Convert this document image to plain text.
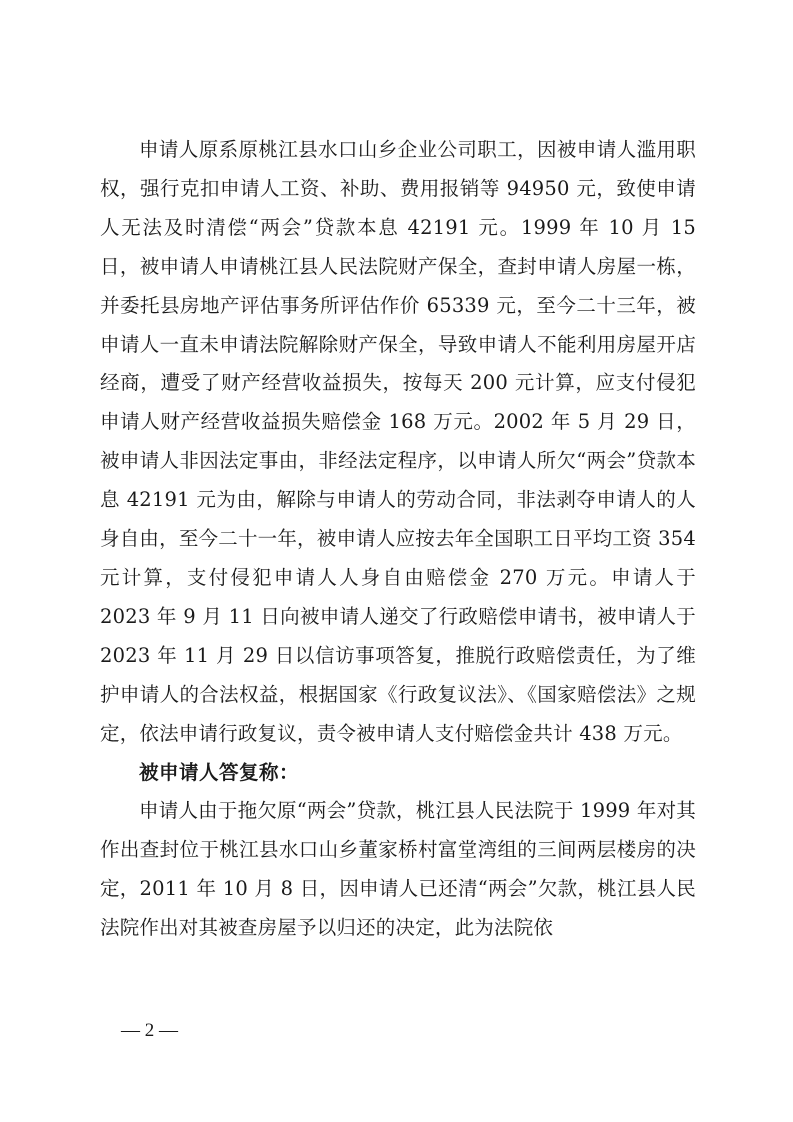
申请人原系原桃江县水口山乡企业公司职工，因被申请人滥用职权，强行克扣申请人工资、补助、费用报销等 94950 元，致使申请人无法及时清偿“两会”贷款本息 42191 元。1999 年 10 月 15 日，被申请人申请桃江县人民法院财产保全，查封申请人房屋一栋，并委托县房地产评估事务所评估作价 65339 元，至今二十三年，被申请人一直未申请法院解除财产保全，导致申请人不能利用房屋开店经商，遭受了财产经营收益损失，按每天 200 元计算，应支付侵犯申请人财产经营收益损失赔偿金 168 万元。2002 年 5 月 29 日，被申请人非因法定事由，非经法定程序，以申请人所欠“两会”贷款本息 42191 元为由，解除与申请人的劳动合同，非法剥夺申请人的人身自由，至今二十一年，被申请人应按去年全国职工日平均工资 354 元计算，支付侵犯申请人人身自由赔偿金 270 万元。申请人于 2023 年 9 月 11 日向被申请人递交了行政赔偿申请书，被申请人于 2023 年 11 月 29 日以信访事项答复，推脱行政赔偿责任，为了维护申请人的合法权益，根据国家《行政复议法》、《国家赔偿法》之规定，依法申请行政复议，责令被申请人支付赔偿金共计 438 万元。

被申请人答复称：

申请人由于拖欠原“两会”贷款，桃江县人民法院于 1999 年对其作出查封位于桃江县水口山乡董家桥村富堂湾组的三间两层楼房的决定，2011 年 10 月 8 日，因申请人已还清“两会”欠款，桃江县人民法院作出对其被查房屋予以归还的决定，此为法院依

— 2 —
